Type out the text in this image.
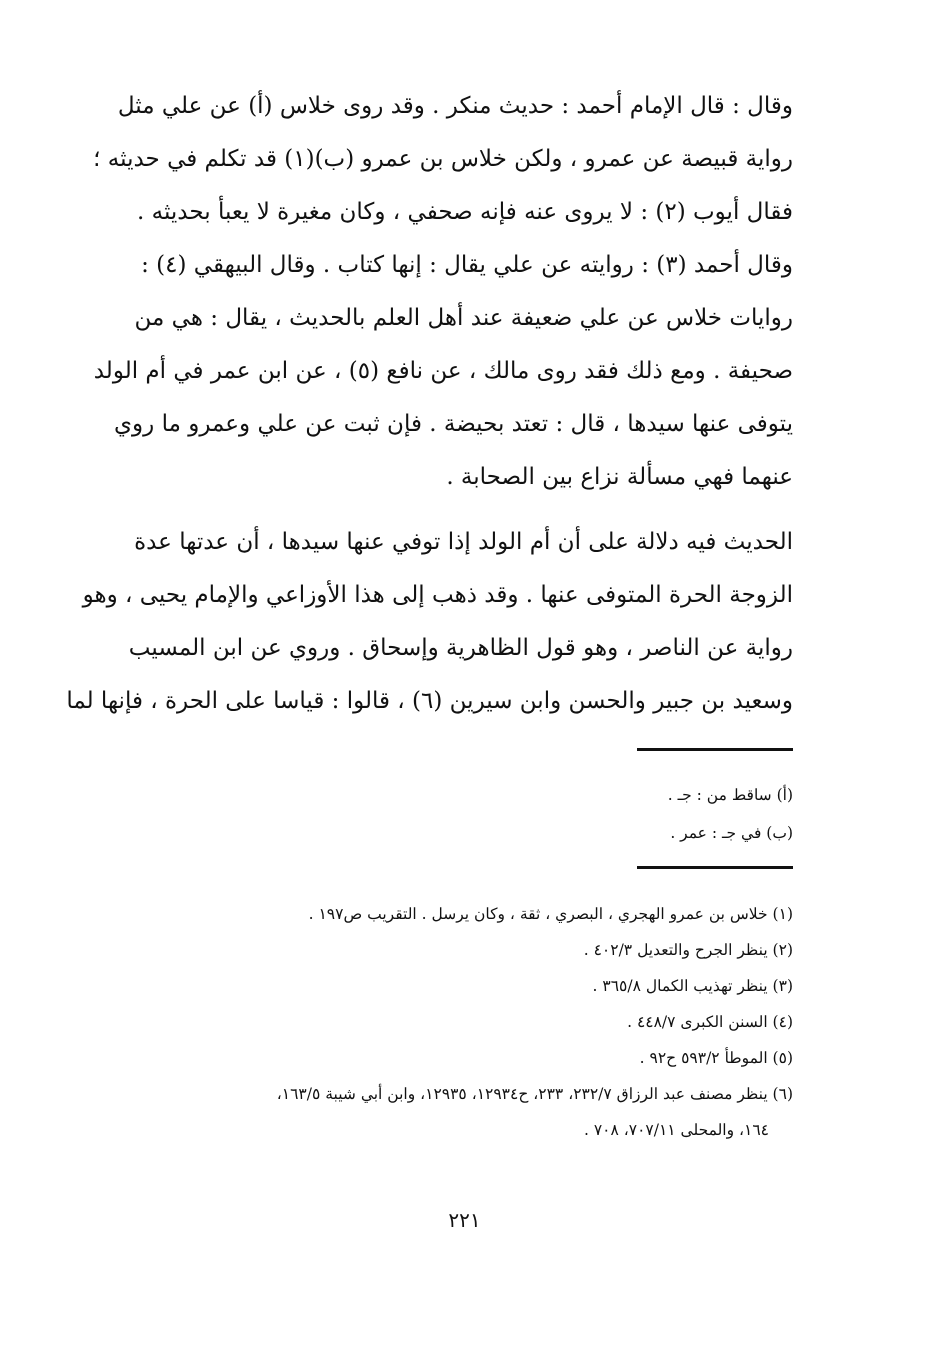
وقال : قال الإمام أحمد : حديث منكر . وقد روى خلاس (أ) عن علي مثل
رواية قبيصة عن عمرو ، ولكن خلاس بن عمرو (ب)(١) قد تكلم في حديثه ؛
فقال أيوب (٢) : لا يروى عنه فإنه صحفي ، وكان مغيرة لا يعبأ بحديثه .
وقال أحمد (٣) : روايته عن علي يقال : إنها كتاب . وقال البيهقي (٤) :
روايات خلاس عن علي ضعيفة عند أهل العلم بالحديث ، يقال : هي من
صحيفة . ومع ذلك فقد روى مالك ، عن نافع (٥) ، عن ابن عمر في أم الولد
يتوفى عنها سيدها ، قال : تعتد بحيضة . فإن ثبت عن علي وعمرو ما روي
عنهما فهي مسألة نزاع بين الصحابة .
الحديث فيه دلالة على أن أم الولد إذا توفي عنها سيدها ، أن عدتها عدة
الزوجة الحرة المتوفى عنها . وقد ذهب إلى هذا الأوزاعي والإمام يحيى ، وهو
رواية عن الناصر ، وهو قول الظاهرية وإسحاق . وروي عن ابن المسيب
وسعيد بن جبير والحسن وابن سيرين (٦) ، قالوا : قياسا على الحرة ، فإنها لما
(أ) ساقط من : جـ .
(ب) في جـ : عمر .
(١) خلاس بن عمرو الهجري ، البصري ، ثقة ، وكان يرسل . التقريب ص١٩٧ .
(٢) ينظر الجرح والتعديل ٤٠٢/٣ .
(٣) ينظر تهذيب الكمال ٣٦٥/٨ .
(٤) السنن الكبرى ٤٤٨/٧ .
(٥) الموطأ ٥٩٣/٢ ح٩٢ .
(٦) ينظر مصنف عبد الرزاق ٢٣٢/٧، ٢٣٣، ح١٢٩٣٤، ١٢٩٣٥، وابن أبي شيبة ١٦٣/٥،
١٦٤، والمحلى ٧٠٧/١١، ٧٠٨ .
٢٢١
